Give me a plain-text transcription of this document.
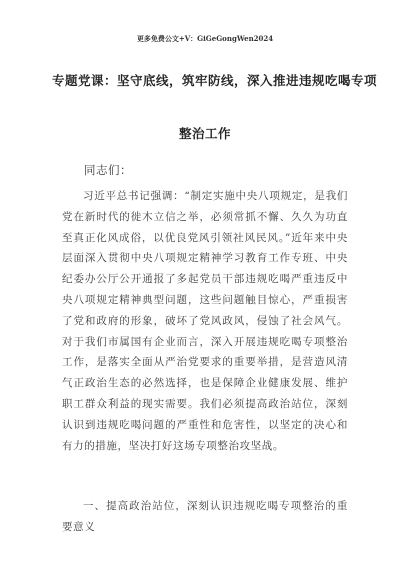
更多免费公文+V：GiGeGongWen2024
专题党课：坚守底线，筑牢防线，深入推进违规吃喝专项
整治工作
同志们：

习近平总书记强调：“制定实施中央八项规定，是我们党在新时代的徙木立信之举，必须常抓不懈、久久为功直至真正化风成俗，以优良党风引领社风民风。”近年来中央层面深入贯彻中央八项规定精神学习教育工作专班、中央纪委办公厅公开通报了多起党员干部违规吃喝严重违反中央八项规定精神典型问题，这些问题触目惊心，严重损害了党和政府的形象，破坏了党风政风，侵蚀了社会风气。对于我们市属国有企业而言，深入开展违规吃喝专项整治工作，是落实全面从严治党要求的重要举措，是营造风清气正政治生态的必然选择，也是保障企业健康发展、维护职工群众利益的现实需要。我们必须提高政治站位，深刻认识到违规吃喝问题的严重性和危害性，以坚定的决心和有力的措施，坚决打好这场专项整治攻坚战。

一、提高政治站位，深刻认识违规吃喝专项整治的重要意义
